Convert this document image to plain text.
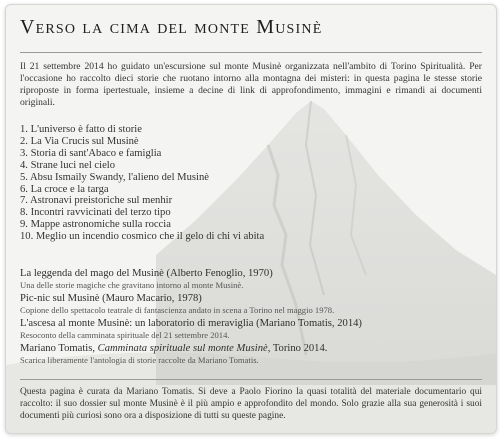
Verso la cima del monte Musinè

Il 21 settembre 2014 ho guidato un'escursione sul monte Musinè organizzata nell'ambito di Torino Spiritualità. Per l'occasione ho raccolto dieci storie che ruotano intorno alla montagna dei misteri: in questa pagina le stesse storie riproposte in forma ipertestuale, insieme a decine di link di approfondimento, immagini e rimandi ai documenti originali.

1. L'universo è fatto di storie
2. La Via Crucis sul Musinè
3. Storia di sant'Abaco e famiglia
4. Strane luci nel cielo
5. Absu Ismaily Swandy, l'alieno del Musinè
6. La croce e la targa
7. Astronavi preistoriche sul menhir
8. Incontri ravvicinati del terzo tipo
9. Mappe astronomiche sulla roccia
10. Meglio un incendio cosmico che il gelo di chi vi abita
La leggenda del mago del Musinè (Alberto Fenoglio, 1970)
Una delle storie magiche che gravitano intorno al monte Musinè.
Pic-nic sul Musinè (Mauro Macario, 1978)
Copione dello spettacolo teatrale di fantascienza andato in scena a Torino nel maggio 1978.
L'ascesa al monte Musinè: un laboratorio di meraviglia (Mariano Tomatis, 2014)
Resoconto della camminata spirituale del 21 settembre 2014.
Mariano Tomatis, Camminata spirituale sul monte Musinè, Torino 2014.
Scarica liberamente l'antologia di storie raccolte da Mariano Tomatis.

Questa pagina è curata da Mariano Tomatis. Si deve a Paolo Fiorino la quasi totalità del materiale documentario qui raccolto: il suo dossier sul monte Musinè è il più ampio e approfondito del mondo. Solo grazie alla sua generosità i suoi documenti più curiosi sono ora a disposizione di tutti su queste pagine.
